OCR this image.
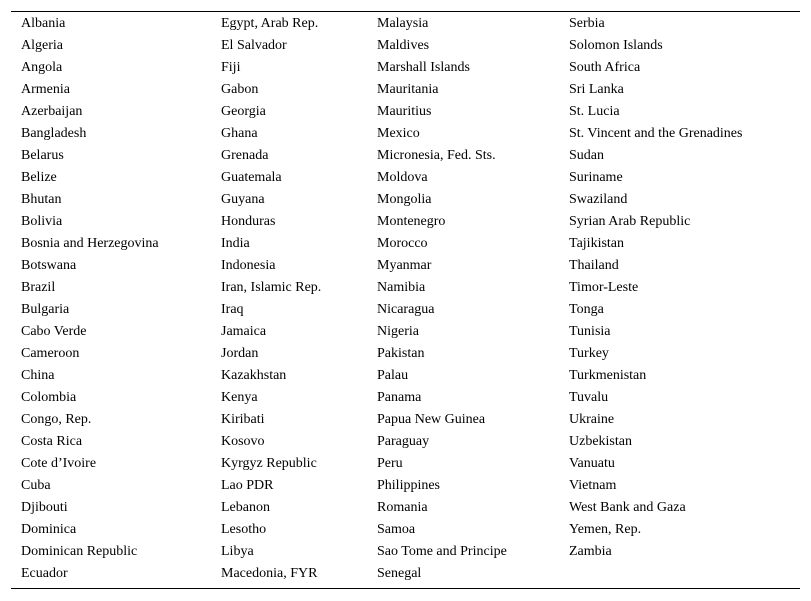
Albania	Egypt, Arab Rep.	Malaysia	Serbia
Algeria	El Salvador	Maldives	Solomon Islands
Angola	Fiji	Marshall Islands	South Africa
Armenia	Gabon	Mauritania	Sri Lanka
Azerbaijan	Georgia	Mauritius	St. Lucia
Bangladesh	Ghana	Mexico	St. Vincent and the Grenadines
Belarus	Grenada	Micronesia, Fed. Sts.	Sudan
Belize	Guatemala	Moldova	Suriname
Bhutan	Guyana	Mongolia	Swaziland
Bolivia	Honduras	Montenegro	Syrian Arab Republic
Bosnia and Herzegovina	India	Morocco	Tajikistan
Botswana	Indonesia	Myanmar	Thailand
Brazil	Iran, Islamic Rep.	Namibia	Timor-Leste
Bulgaria	Iraq	Nicaragua	Tonga
Cabo Verde	Jamaica	Nigeria	Tunisia
Cameroon	Jordan	Pakistan	Turkey
China	Kazakhstan	Palau	Turkmenistan
Colombia	Kenya	Panama	Tuvalu
Congo, Rep.	Kiribati	Papua New Guinea	Ukraine
Costa Rica	Kosovo	Paraguay	Uzbekistan
Cote d’Ivoire	Kyrgyz Republic	Peru	Vanuatu
Cuba	Lao PDR	Philippines	Vietnam
Djibouti	Lebanon	Romania	West Bank and Gaza
Dominica	Lesotho	Samoa	Yemen, Rep.
Dominican Republic	Libya	Sao Tome and Principe	Zambia
Ecuador	Macedonia, FYR	Senegal	
